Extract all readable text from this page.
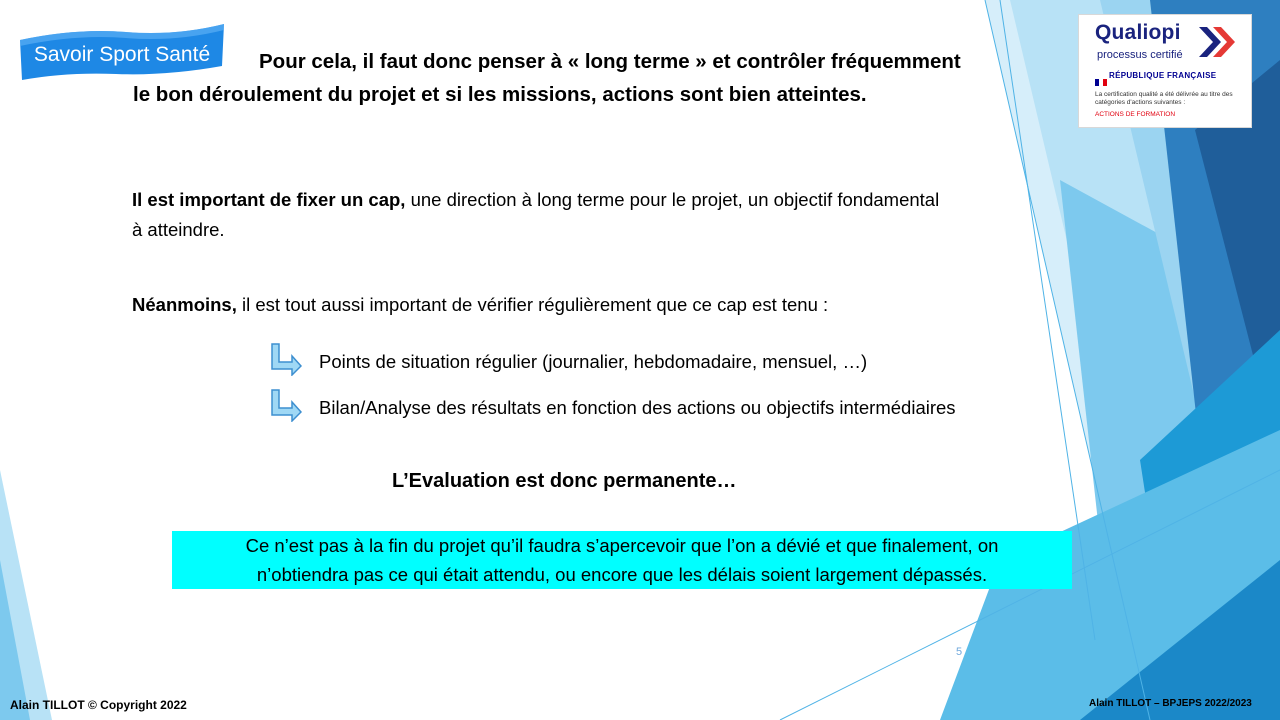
Savoir Sport Santé
Qualiopi
processus certifié
RÉPUBLIQUE FRANÇAISE
La certification qualité a été délivrée au titre des catégories d'actions suivantes :
ACTIONS DE FORMATION
Pour cela, il faut donc penser à « long terme » et contrôler fréquemment
le bon déroulement du projet et si les missions, actions sont bien atteintes.
Il est important de fixer un cap, une direction à long terme pour le projet, un objectif fondamental
à atteindre.
Néanmoins, il est tout aussi important de vérifier régulièrement que ce cap est tenu :
Points de situation régulier (journalier, hebdomadaire, mensuel, …)
Bilan/Analyse des résultats en fonction des actions ou objectifs intermédiaires
L’Evaluation est donc permanente…
Ce n’est pas à la fin du projet qu’il faudra s’apercevoir que l’on a dévié et que finalement, on
n’obtiendra pas ce qui était attendu, ou encore que les délais soient largement dépassés.
5
Alain TILLOT © Copyright 2022	Alain TILLOT – BPJEPS 2022/2023
